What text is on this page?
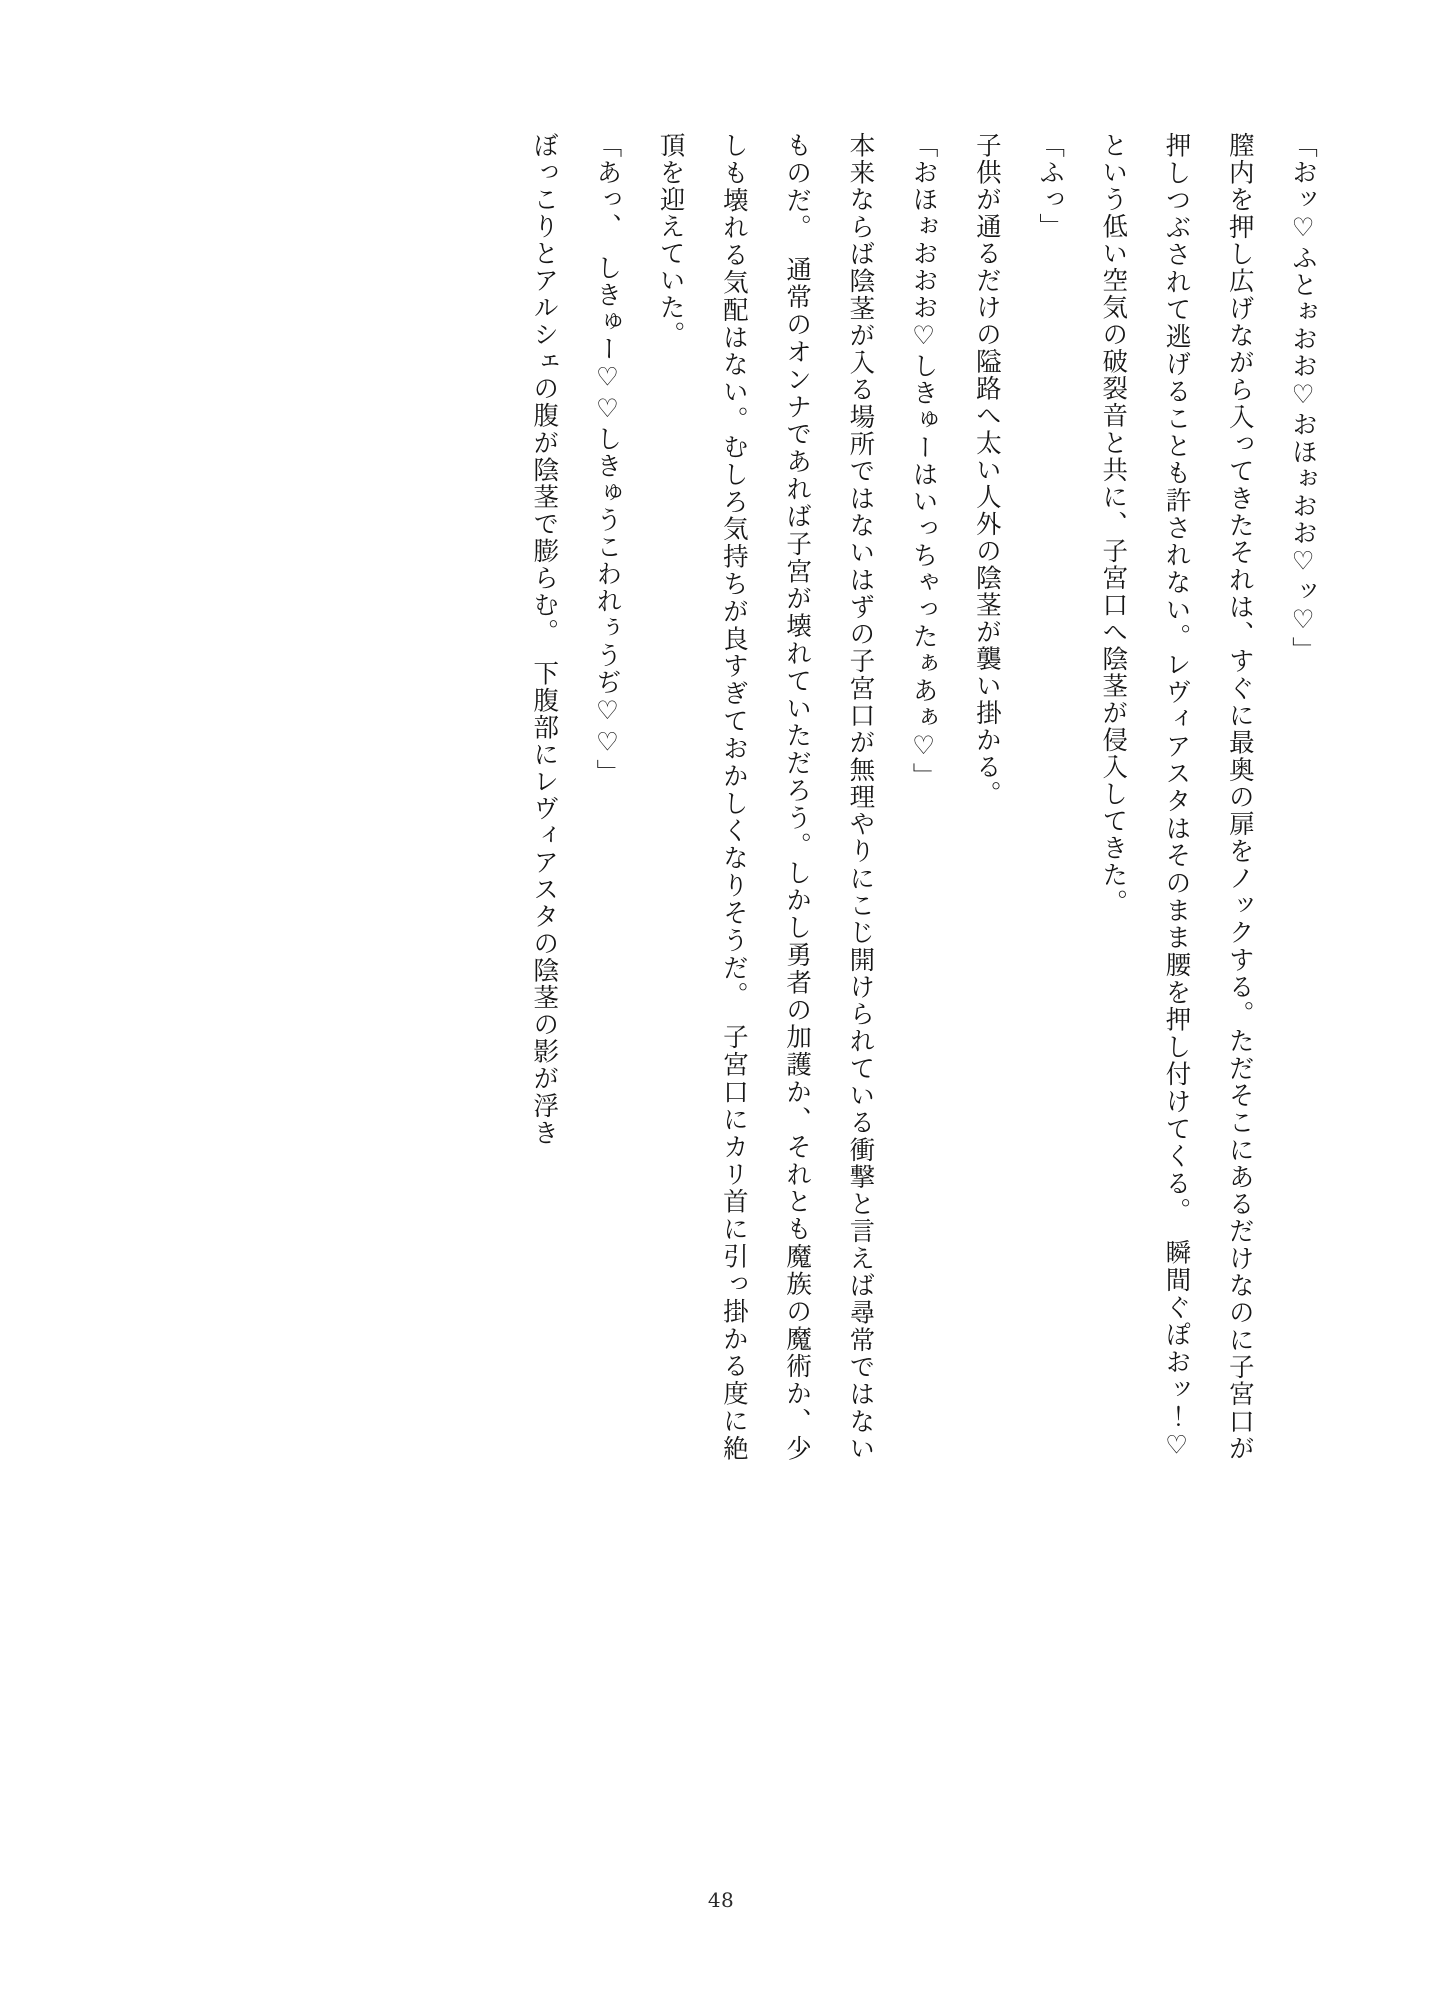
「おッ♡ふとぉおお♡おほぉおお♡ッ♡」

膣内を押し広げながら入ってきたそれは、すぐに最奥の扉をノックする。ただそこにあるだけなのに子宮口が押しつぶされて逃げることも許されない。レヴィアスタはそのまま腰を押し付けてくる。　瞬間ぐぽおッ！♡という低い空気の破裂音と共に、子宮口へ陰茎が侵入してきた。

「ふっ」

子供が通るだけの隘路へ太い人外の陰茎が襲い掛かる。

「おほぉおおお♡しきゅーはいっちゃったぁあぁ♡」

本来ならば陰茎が入る場所ではないはずの子宮口が無理やりにこじ開けられている衝撃と言えば尋常ではないものだ。　通常のオンナであれば子宮が壊れていただろう。しかし勇者の加護か、それとも魔族の魔術か、少しも壊れる気配はない。むしろ気持ちが良すぎておかしくなりそうだ。　子宮口にカリ首に引っ掛かる度に絶頂を迎えていた。

「あっ、　しきゅー♡♡しきゅうこわれぅうぢ♡♡」

ぼっこりとアルシェの腹が陰茎で膨らむ。　下腹部にレヴィアスタの陰茎の影が浮き

48
